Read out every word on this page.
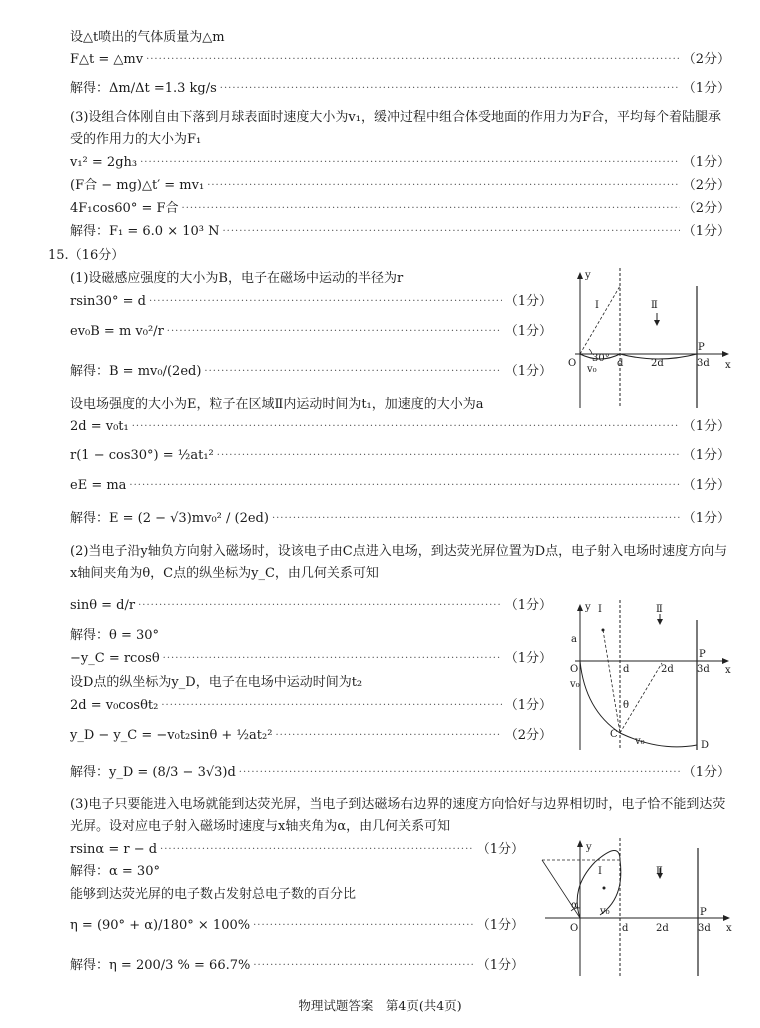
设△t喷出的气体质量为△m
F△t = △mv ·····	（2分）
解得：Δm/Δt =1.3 kg/s ·····	（1分）
(3)设组合体刚自由下落到月球表面时速度大小为v₁，缓冲过程中组合体受地面的作用力为F合，平均每个着陆腿承受的作用力的大小为F₁
v₁² = 2gh₃ ·····	（1分）
(F合 − mg)△t′ = mv₁ ·····	（2分）
4F₁cos60° = F合 ·····	（2分）
解得：F₁ = 6.0 × 10³ N ·····	（1分）
15.（16分）
(1)设磁感应强度的大小为B，电子在磁场中运动的半径为r
rsin30° = d ·····	（1分）
ev₀B = m v₀²/r ·····	（1分）
解得：B = mv₀/(2ed) ·····	（1分）
设电场强度的大小为E，粒子在区域Ⅱ内运动时间为t₁，加速度的大小为a
2d = v₀t₁ ·····	（1分）
r(1 − cos30°) = ½at₁² ·····	（1分）
eE = ma ·····	（1分）
解得：E = (2 − √3)mv₀² / (2ed) ·····	（1分）
(2)当电子沿y轴负方向射入磁场时，设该电子由C点进入电场，到达荧光屏位置为D点，电子射入电场时速度方向与x轴间夹角为θ，C点的纵坐标为y_C，由几何关系可知
sinθ = d/r ·····	（1分）
解得：θ = 30°
−y_C = rcosθ ·····	（1分）
设D点的纵坐标为y_D，电子在电场中运动时间为t₂
2d = v₀cosθt₂ ·····	（1分）
y_D − y_C = −v₀t₂sinθ + ½at₂² ·····	（2分）
解得：y_D = (8/3 − 3√3)d ·····	（1分）
(3)电子只要能进入电场就能到达荧光屏，当电子到达磁场右边界的速度方向恰好与边界相切时，电子恰不能到达荧光屏。设对应电子射入磁场时速度与x轴夹角为α，由几何关系可知
rsinα = r − d ·····	（1分）
解得：α = 30°
能够到达荧光屏的电子数占发射总电子数的百分比
η = (90° + α)/180° × 100% ·····	（1分）
解得：η = 200/3 % = 66.7% ·····	（1分）
y
x
O
Ⅰ	Ⅱ
30°
v₀
d	2d	3d
P
y
x
Ⅰ	Ⅱ
a
O
v₀
d	2d 3d
P
θ
C
v₀	D
y
x
Ⅰ	Ⅱ
α
O
v₀
d	2d	3d
P
物理试题答案　第4页(共4页)
